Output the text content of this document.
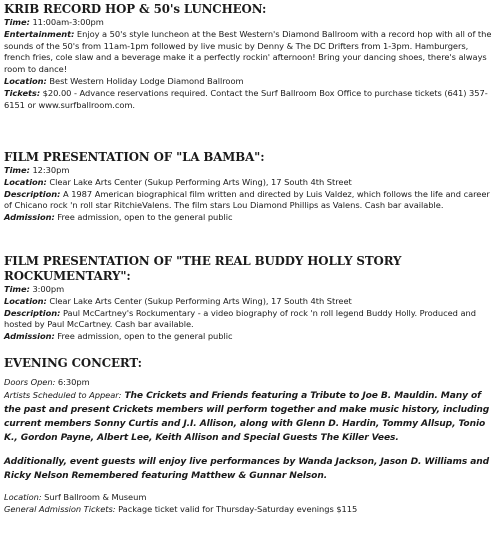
KRIB RECORD HOP & 50's LUNCHEON:

Time: 11:00am-3:00pm

Entertainment: Enjoy a 50's style luncheon at the Best Western's Diamond Ballroom with a record hop with all of the sounds of the 50's from 11am-1pm followed by live music by Denny & The DC Drifters from 1-3pm. Hamburgers, french fries, cole slaw and a beverage make it a perfectly rockin' afternoon! Bring your dancing shoes, there's always room to dance!

Location: Best Western Holiday Lodge Diamond Ballroom

Tickets: $20.00 - Advance reservations required. Contact the Surf Ballroom Box Office to purchase tickets (641) 357-6151 or www.surfballroom.com.

FILM PRESENTATION OF "LA BAMBA":

Time: 12:30pm

Location: Clear Lake Arts Center (Sukup Performing Arts Wing), 17 South 4th Street

Description: A 1987 American biographical film written and directed by Luis Valdez, which follows the life and career of Chicano rock 'n roll star RitchieValens. The film stars Lou Diamond Phillips as Valens. Cash bar available.

Admission: Free admission, open to the general public

FILM PRESENTATION OF "THE REAL BUDDY HOLLY STORY ROCKUMENTARY":

Time: 3:00pm

Location: Clear Lake Arts Center (Sukup Performing Arts Wing), 17 South 4th Street

Description: Paul McCartney's Rockumentary - a video biography of rock 'n roll legend Buddy Holly. Produced and hosted by Paul McCartney. Cash bar available.

Admission: Free admission, open to the general public

EVENING CONCERT:

Doors Open: 6:30pm

Artists Scheduled to Appear: The Crickets and Friends featuring a Tribute to Joe B. Mauldin. Many of the past and present Crickets members will perform together and make music history, including current members Sonny Curtis and J.I. Allison, along with Glenn D. Hardin, Tommy Allsup, Tonio K., Gordon Payne, Albert Lee, Keith Allison and Special Guests The Killer Vees.

Additionally, event guests will enjoy live performances by Wanda Jackson, Jason D. Williams and Ricky Nelson Remembered featuring Matthew & Gunnar Nelson.

Location: Surf Ballroom & Museum

General Admission Tickets: Package ticket valid for Thursday-Saturday evenings $115
